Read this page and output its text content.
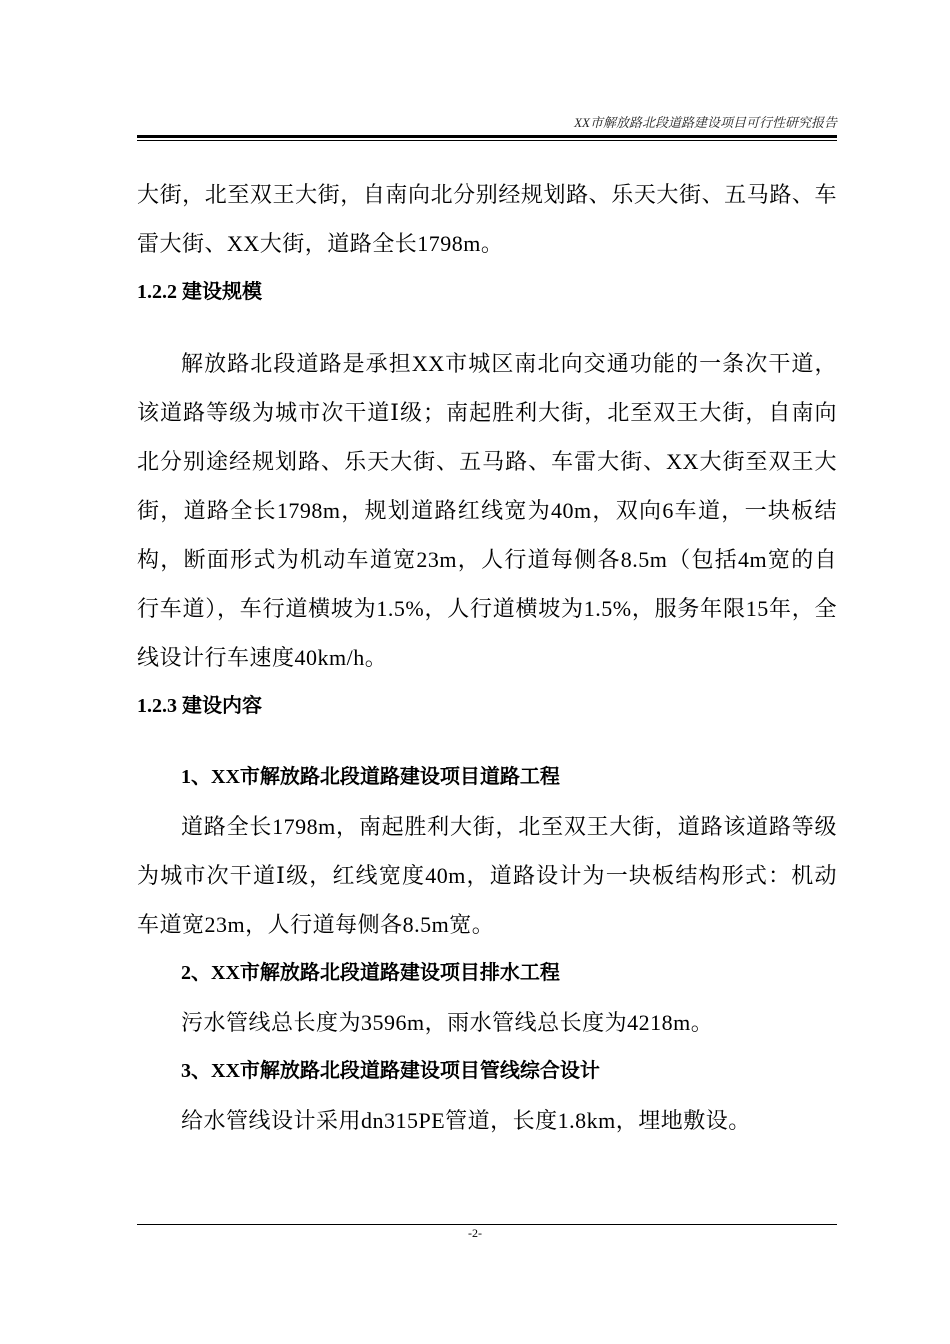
XX市解放路北段道路建设项目可行性研究报告

大街，北至双王大街，自南向北分别经规划路、乐天大街、五马路、车雷大街、XX大街，道路全长1798m。

1.2.2 建设规模

解放路北段道路是承担XX市城区南北向交通功能的一条次干道，该道路等级为城市次干道Ⅰ级；南起胜利大街，北至双王大街，自南向北分别途经规划路、乐天大街、五马路、车雷大街、XX大街至双王大街，道路全长1798m，规划道路红线宽为40m，双向6车道，一块板结构，断面形式为机动车道宽23m，人行道每侧各8.5m（包括4m宽的自行车道），车行道横坡为1.5%，人行道横坡为1.5%，服务年限15年，全线设计行车速度40km/h。

1.2.3 建设内容
1、XX市解放路北段道路建设项目道路工程

道路全长1798m，南起胜利大街，北至双王大街，道路该道路等级为城市次干道Ⅰ级，红线宽度40m，道路设计为一块板结构形式：机动车道宽23m，人行道每侧各8.5m宽。

2、XX市解放路北段道路建设项目排水工程

污水管线总长度为3596m，雨水管线总长度为4218m。

3、XX市解放路北段道路建设项目管线综合设计

给水管线设计采用dn315PE管道，长度1.8km，埋地敷设。

-2-
